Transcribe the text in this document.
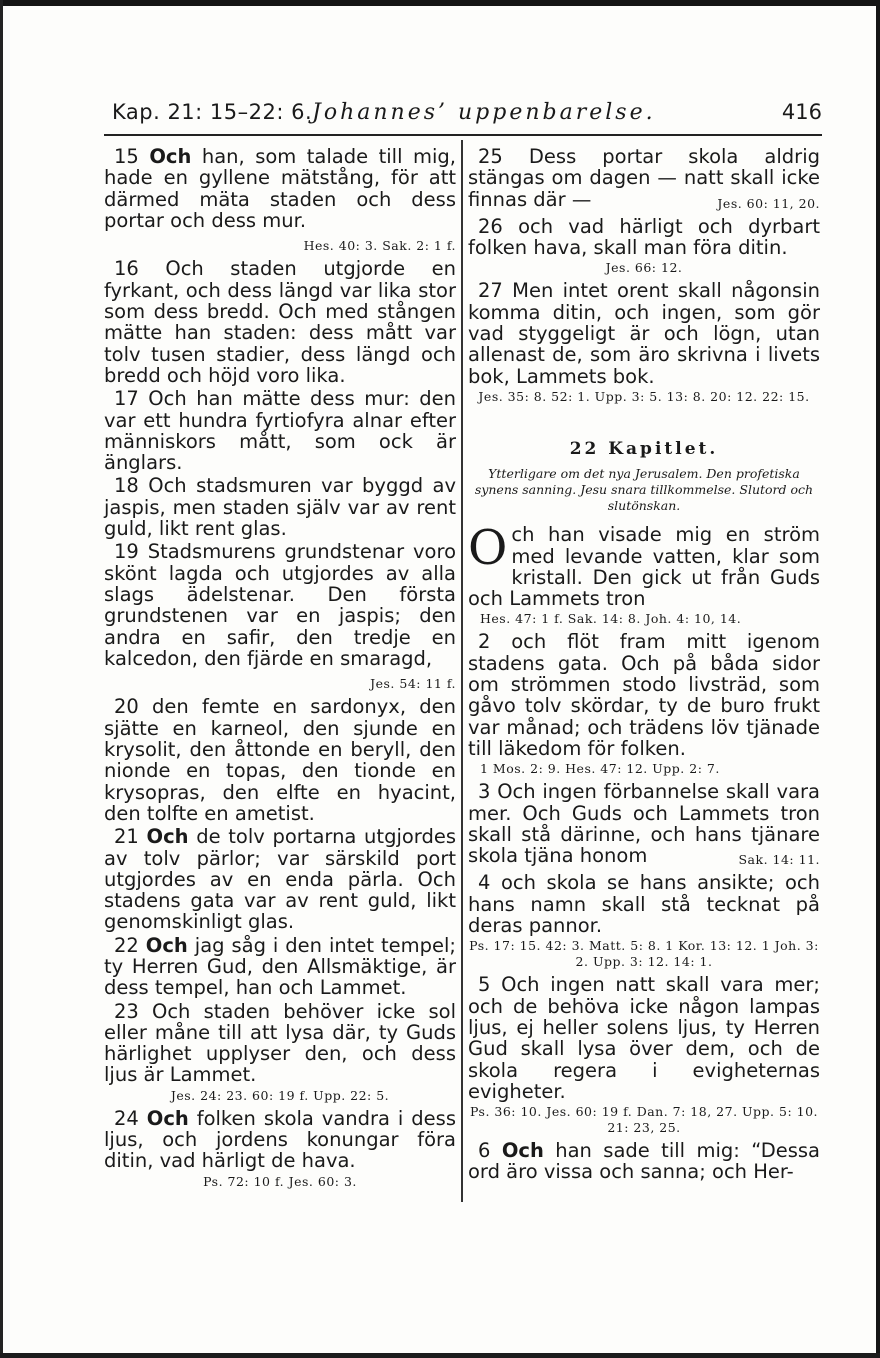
Kap. 21: 15–22: 6. Johannes’ uppenbarelse.	416

15 Och han, som talade till mig, hade en gyllene mätstång, för att därmed mäta staden och dess portar och dess mur.
Hes. 40: 3. Sak. 2: 1 f.

16 Och staden utgjorde en fyrkant, och dess längd var lika stor som dess bredd. Och med stången mätte han staden: dess mått var tolv tusen stadier, dess längd och bredd och höjd voro lika.

17 Och han mätte dess mur: den var ett hundra fyrtiofyra alnar efter människors mått, som ock är änglars.

18 Och stadsmuren var byggd av jaspis, men staden själv var av rent guld, likt rent glas.

19 Stadsmurens grundstenar voro skönt lagda och utgjordes av alla slags ädelstenar. Den första grundstenen var en jaspis; den andra en safir, den tredje en kalcedon, den fjärde en smaragd,
Jes. 54: 11 f.

20 den femte en sardonyx, den sjätte en karneol, den sjunde en krysolit, den åttonde en beryll, den nionde en topas, den tionde en krysopras, den elfte en hyacint, den tolfte en ametist.

21 Och de tolv portarna utgjordes av tolv pärlor; var särskild port utgjordes av en enda pärla. Och stadens gata var av rent guld, likt genomskinligt glas.

22 Och jag såg i den intet tempel; ty Herren Gud, den Allsmäktige, är dess tempel, han och Lammet.

23 Och staden behöver icke sol eller måne till att lysa där, ty Guds härlighet upplyser den, och dess ljus är Lammet.

Jes. 24: 23. 60: 19 f. Upp. 22: 5.

24 Och folken skola vandra i dess ljus, och jordens konungar föra ditin, vad härligt de hava.

Ps. 72: 10 f. Jes. 60: 3.

25 Dess portar skola aldrig stängas om dagen — natt skall icke finnas där —	Jes. 60: 11, 20.

26 och vad härligt och dyrbart folken hava, skall man föra ditin.

Jes. 66: 12.

27 Men intet orent skall någonsin komma ditin, och ingen, som gör vad styggeligt är och lögn, utan allenast de, som äro skrivna i livets bok, Lammets bok.

Jes. 35: 8. 52: 1. Upp. 3: 5. 13: 8. 20: 12. 22: 15.
22 Kapitlet.
Ytterligare om det nya Jerusalem. Den profetiska synens sanning. Jesu snara tillkommelse. Slutord och slutönskan.

Och han visade mig en ström med levande vatten, klar som kristall. Den gick ut från Guds och Lammets tron

Hes. 47: 1 f. Sak. 14: 8. Joh. 4: 10, 14.

2 och flöt fram mitt igenom stadens gata. Och på båda sidor om strömmen stodo livsträd, som gåvo tolv skördar, ty de buro frukt var månad; och trädens löv tjänade till läkedom för folken.

1 Mos. 2: 9. Hes. 47: 12. Upp. 2: 7.

3 Och ingen förbannelse skall vara mer. Och Guds och Lammets tron skall stå därinne, och hans tjänare skola tjäna honom	Sak. 14: 11.

4 och skola se hans ansikte; och hans namn skall stå tecknat på deras pannor.

Ps. 17: 15. 42: 3. Matt. 5: 8. 1 Kor. 13: 12. 1 Joh. 3: 2. Upp. 3: 12. 14: 1.

5 Och ingen natt skall vara mer; och de behöva icke någon lampas ljus, ej heller solens ljus, ty Herren Gud skall lysa över dem, och de skola regera i evigheternas evigheter.

Ps. 36: 10. Jes. 60: 19 f. Dan. 7: 18, 27. Upp. 5: 10. 21: 23, 25.

6 Och han sade till mig: “Dessa ord äro vissa och sanna; och Her-
